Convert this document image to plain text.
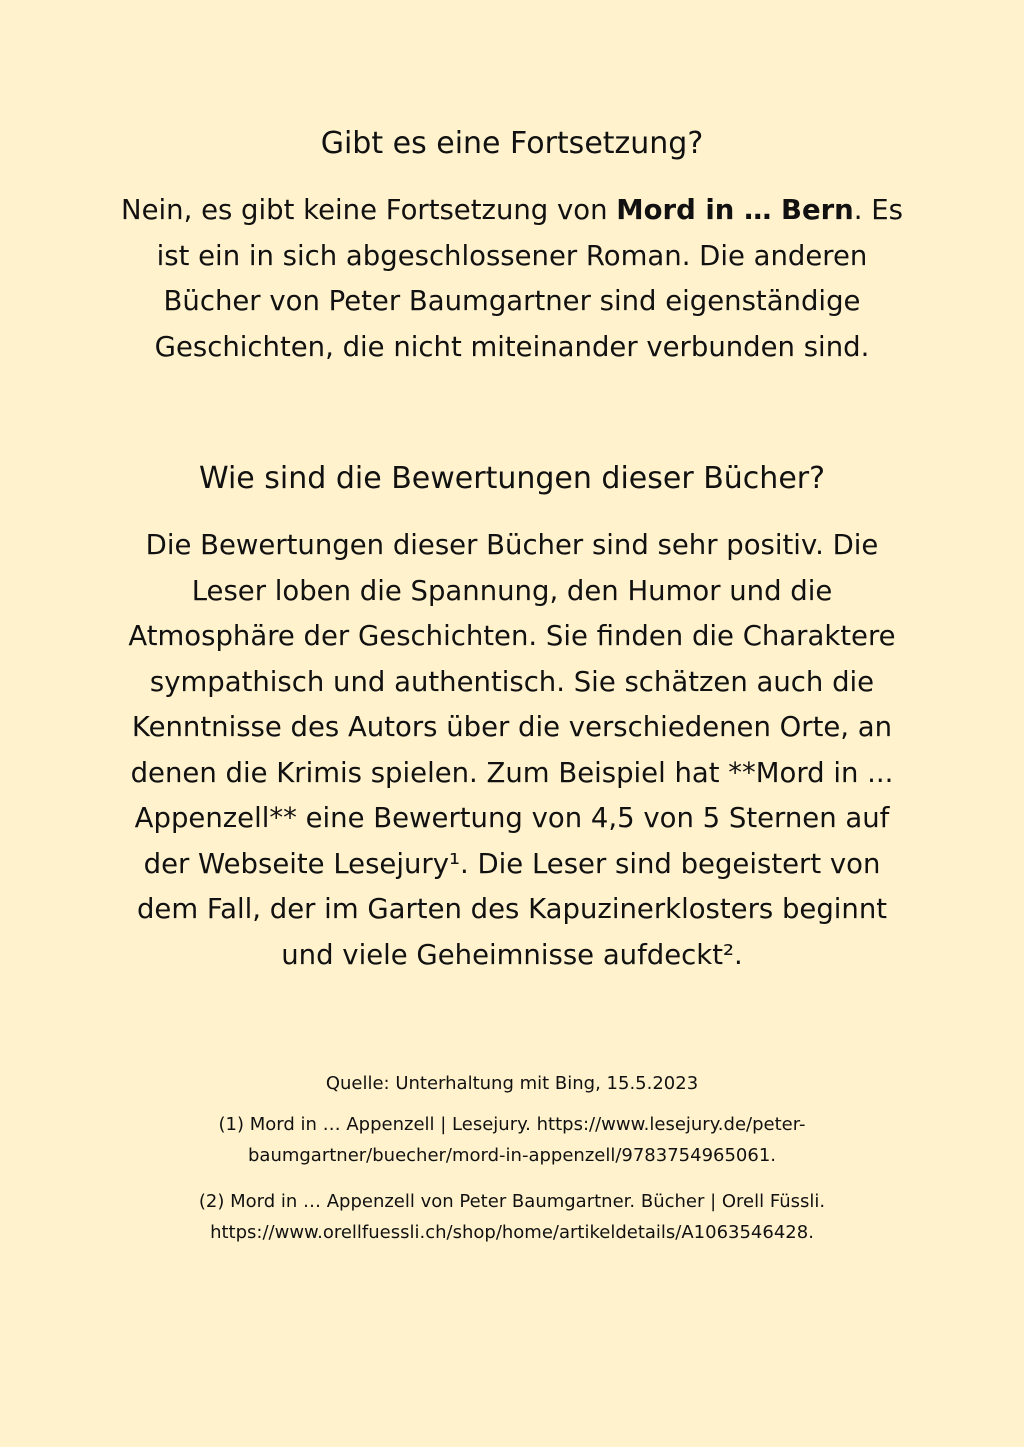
Gibt es eine Fortsetzung?

Nein, es gibt keine Fortsetzung von Mord in … Bern. Es ist ein in sich abgeschlossener Roman. Die anderen Bücher von Peter Baumgartner sind eigenständige Geschichten, die nicht miteinander verbunden sind.

Wie sind die Bewertungen dieser Bücher?

Die Bewertungen dieser Bücher sind sehr positiv. Die Leser loben die Spannung, den Humor und die Atmosphäre der Geschichten. Sie finden die Charaktere sympathisch und authentisch. Sie schätzen auch die Kenntnisse des Autors über die verschiedenen Orte, an denen die Krimis spielen. Zum Beispiel hat **Mord in ... Appenzell** eine Bewertung von 4,5 von 5 Sternen auf der Webseite Lesejury¹. Die Leser sind begeistert von dem Fall, der im Garten des Kapuzinerklosters beginnt und viele Geheimnisse aufdeckt².

Quelle: Unterhaltung mit Bing, 15.5.2023

(1) Mord in … Appenzell | Lesejury. https://www.lesejury.de/peter-baumgartner/buecher/mord-in-appenzell/9783754965061.

(2) Mord in … Appenzell von Peter Baumgartner. Bücher | Orell Füssli. https://www.orellfuessli.ch/shop/home/artikeldetails/A1063546428.
